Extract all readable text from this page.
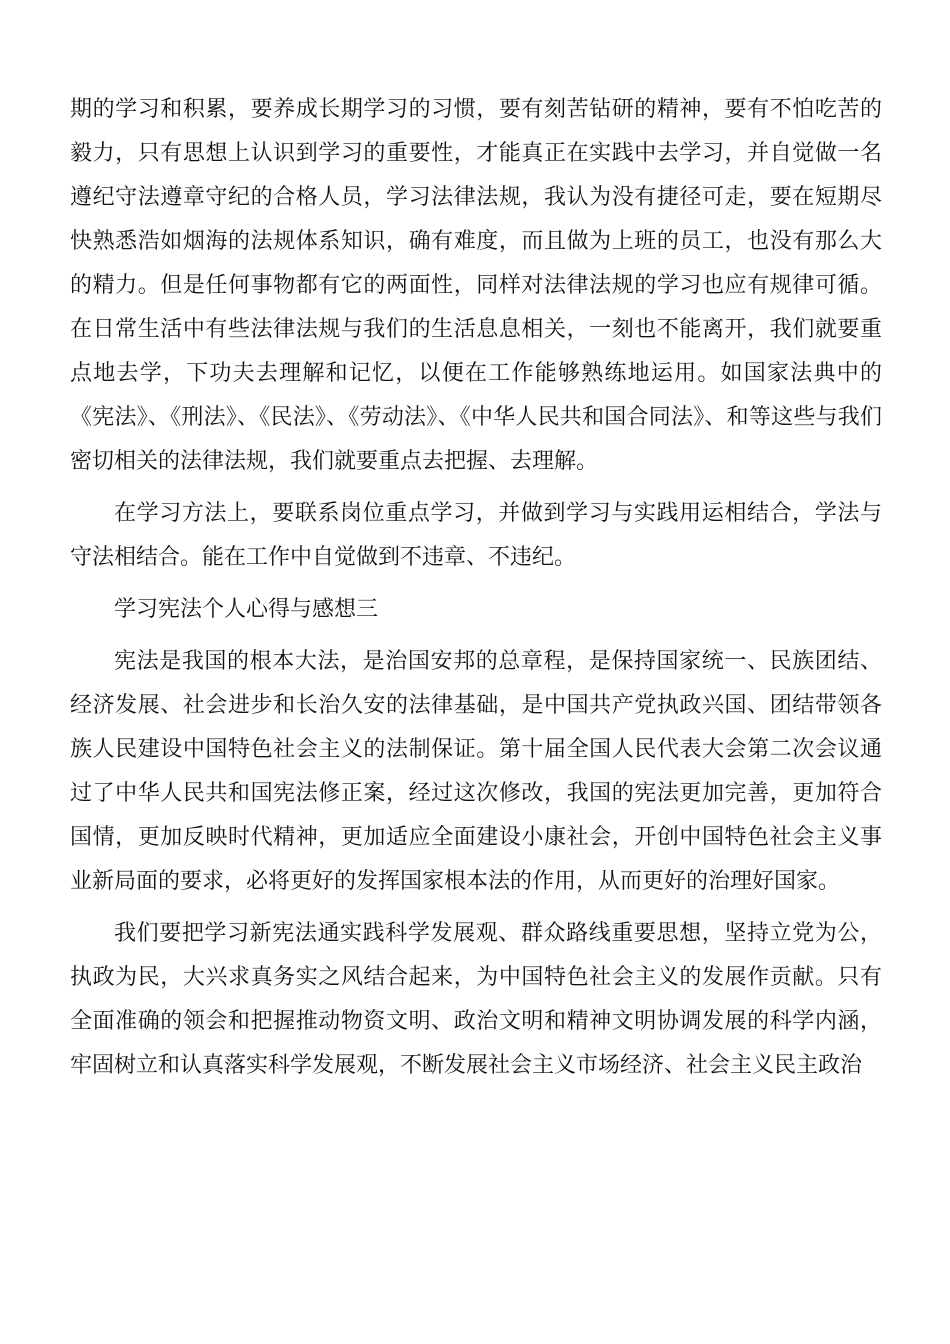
期的学习和积累，要养成长期学习的习惯，要有刻苦钻研的精神，要有不怕吃苦的毅力，只有思想上认识到学习的重要性，才能真正在实践中去学习，并自觉做一名遵纪守法遵章守纪的合格人员，学习法律法规，我认为没有捷径可走，要在短期尽快熟悉浩如烟海的法规体系知识，确有难度，而且做为上班的员工，也没有那么大的精力。但是任何事物都有它的两面性，同样对法律法规的学习也应有规律可循。在日常生活中有些法律法规与我们的生活息息相关，一刻也不能离开，我们就要重点地去学，下功夫去理解和记忆，以便在工作能够熟练地运用。如国家法典中的《宪法》、《刑法》、《民法》、《劳动法》、《中华人民共和国合同法》、和等这些与我们密切相关的法律法规，我们就要重点去把握、去理解。

在学习方法上，要联系岗位重点学习，并做到学习与实践用运相结合，学法与守法相结合。能在工作中自觉做到不违章、不违纪。

学习宪法个人心得与感想三

宪法是我国的根本大法，是治国安邦的总章程，是保持国家统一、民族团结、经济发展、社会进步和长治久安的法律基础，是中国共产党执政兴国、团结带领各族人民建设中国特色社会主义的法制保证。第十届全国人民代表大会第二次会议通过了中华人民共和国宪法修正案，经过这次修改，我国的宪法更加完善，更加符合国情，更加反映时代精神，更加适应全面建设小康社会，开创中国特色社会主义事业新局面的要求，必将更好的发挥国家根本法的作用，从而更好的治理好国家。

我们要把学习新宪法通实践科学发展观、群众路线重要思想，坚持立党为公，执政为民，大兴求真务实之风结合起来，为中国特色社会主义的发展作贡献。只有全面准确的领会和把握推动物资文明、政治文明和精神文明协调发展的科学内涵，牢固树立和认真落实科学发展观，不断发展社会主义市场经济、社会主义民主政治
